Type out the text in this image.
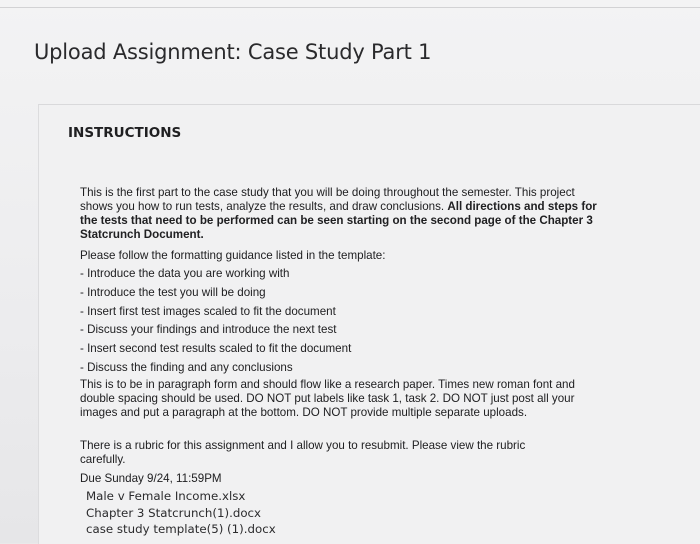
Upload Assignment: Case Study Part 1
INSTRUCTIONS
This is the first part to the case study that you will be doing throughout the semester. This project shows you how to run tests, analyze the results, and draw conclusions. All directions and steps for the tests that need to be performed can be seen starting on the second page of the Chapter 3 Statcrunch Document.
Please follow the formatting guidance listed in the template:
- Introduce the data you are working with
- Introduce the test you will be doing
- Insert first test images scaled to fit the document
- Discuss your findings and introduce the next test
- Insert second test results scaled to fit the document
- Discuss the finding and any conclusions
This is to be in paragraph form and should flow like a research paper. Times new roman font and double spacing should be used. DO NOT put labels like task 1, task 2. DO NOT just post all your images and put a paragraph at the bottom. DO NOT provide multiple separate uploads.
There is a rubric for this assignment and I allow you to resubmit. Please view the rubric carefully.
Due Sunday 9/24, 11:59PM
Male v Female Income.xlsx
Chapter 3 Statcrunch(1).docx
case study template(5) (1).docx
